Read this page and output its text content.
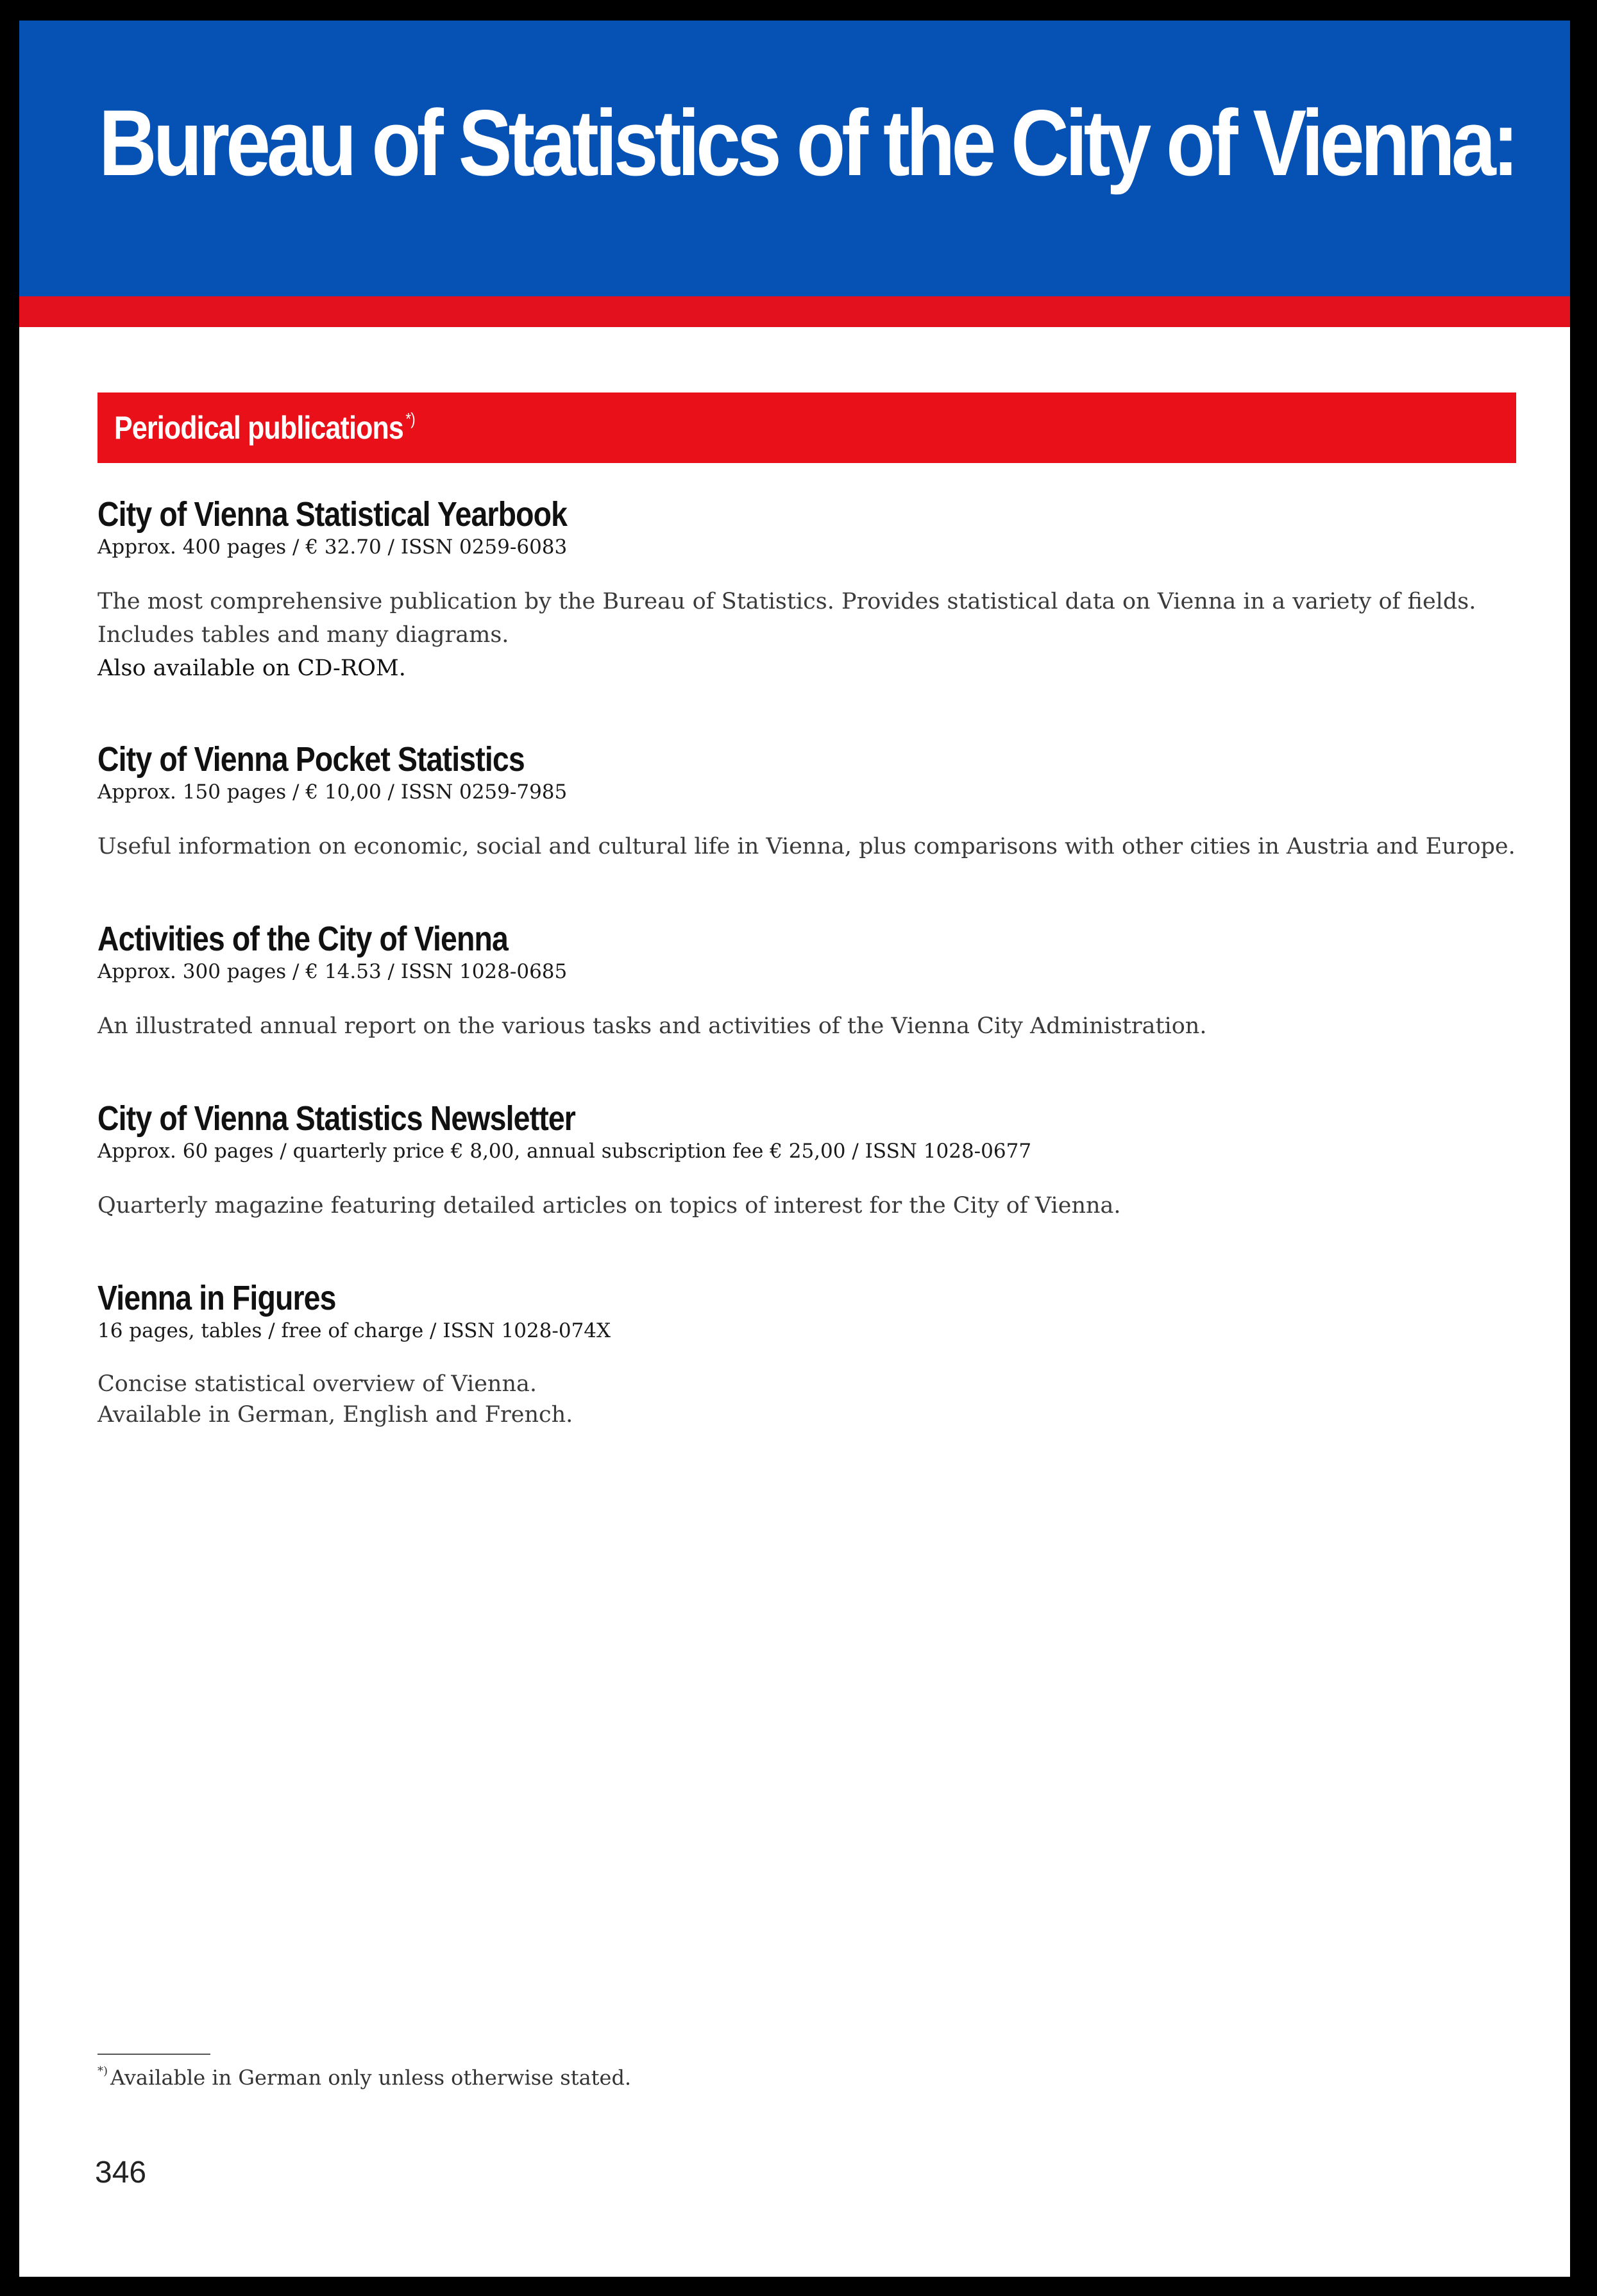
Bureau of Statistics of the City of Vienna:
Periodical publications *)
City of Vienna Statistical Yearbook

Approx. 400 pages / € 32.70 / ISSN 0259-6083

The most comprehensive publication by the Bureau of Statistics. Provides statistical data on Vienna in a variety of fields.
Includes tables and many diagrams.

Also available on CD-ROM.

City of Vienna Pocket Statistics

Approx. 150 pages / € 10,00 / ISSN 0259-7985

Useful information on economic, social and cultural life in Vienna, plus comparisons with other cities in Austria and Europe.

Activities of the City of Vienna

Approx. 300 pages / € 14.53 / ISSN 1028-0685

An illustrated annual report on the various tasks and activities of the Vienna City Administration.

City of Vienna Statistics Newsletter

Approx. 60 pages / quarterly price € 8,00, annual subscription fee € 25,00 / ISSN 1028-0677

Quarterly magazine featuring detailed articles on topics of interest for the City of Vienna.

Vienna in Figures

16 pages, tables / free of charge / ISSN 1028-074X

Concise statistical overview of Vienna.
Available in German, English and French.

*) Available in German only unless otherwise stated.
346
